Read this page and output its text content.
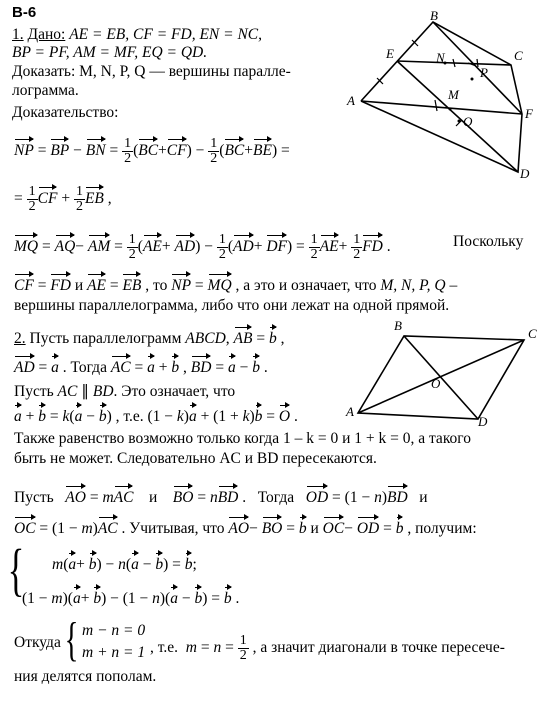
В-6
1. Дано: AE = EB, CF = FD, EN = NC,
BP = PF, AM = MF, EQ = QD.
Доказать: M, N, P, Q — вершины паралле-
лограмма.
Доказательство:
NP = BP − BN = $\frac{1}{2} (BC+CF) - \frac{1}{2} (BC+BE)$ =
= $\frac{1}{2}$ CF + $\frac{1}{2}$ EB ,
MQ = AQ− AM = $\frac{1}{2} (AE+ AD) - \frac{1}{2} (AD+ DF) = \frac{1}{2} AE+ \frac{1}{2}$ FD .	Поскольку
CF = FD и AE = EB , то NP = MQ , а это и означает, что M, N, P, Q –
вершины параллелограмма, либо что они лежат на одной прямой.
B
E	N	C
P
A	M
F
Q
D
2. Пусть параллелограмм ABCD, AB = b ,
AD = a . Тогда AC = a + b , BD = a − b .
Пусть AC ∥ BD. Это означает, что
a + b = k(a − b) , т.е. (1 − k)a + (1 + k)b = O .
Также равенство возможно только когда 1 – k = 0 и 1 + k = 0, а такого
быть не может. Следовательно AC и BD пересекаются.
Пусть   AO = mAC    и    BO = nBD .   Тогда   OD = (1 − n)BD   и
OC = (1 − m)AC . Учитывая, что AO− BO = b и OC− OD = b , получим:
{ m(a+ b) − n(a − b) = b;
(1 − m)(a+ b) − (1 − n)(a − b) = b .
Откуда { m − n = 0
m + n = 1 , т.е.  $m = n = \frac{1}{2}$ , а значит диагонали в точке пересече-
ния делятся пополам.
B
C
O
A
D
